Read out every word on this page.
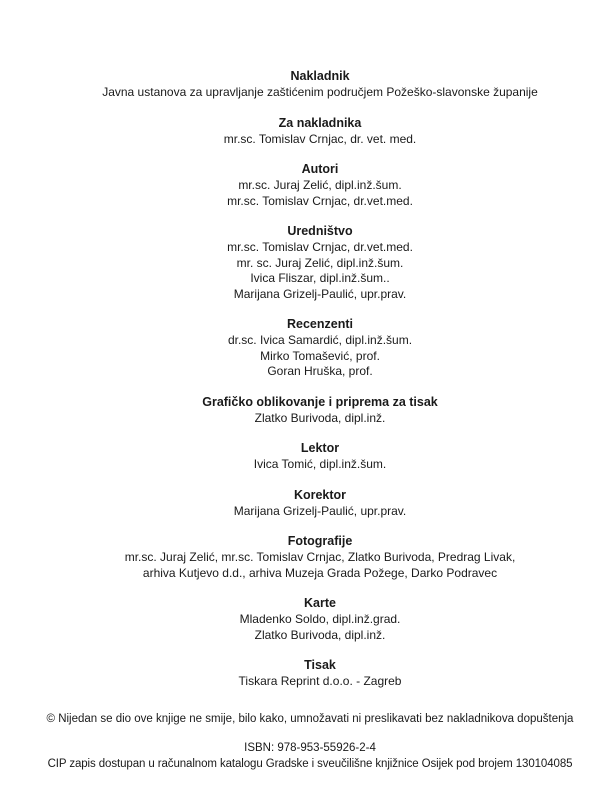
Nakladnik
Javna ustanova za upravljanje zaštićenim područjem Požeško-slavonske županije
Za nakladnika
mr.sc. Tomislav Crnjac, dr. vet. med.
Autori
mr.sc. Juraj Zelić, dipl.inž.šum.
mr.sc. Tomislav Crnjac, dr.vet.med.
Uredništvo
mr.sc. Tomislav Crnjac, dr.vet.med.
mr. sc. Juraj Zelić, dipl.inž.šum.
Ivica Fliszar, dipl.inž.šum..
Marijana Grizelj-Paulić, upr.prav.
Recenzenti
dr.sc. Ivica Samardić, dipl.inž.šum.
Mirko Tomašević, prof.
Goran Hruška, prof.
Grafičko oblikovanje i priprema za tisak
Zlatko Burivoda, dipl.inž.
Lektor
Ivica Tomić, dipl.inž.šum.
Korektor
Marijana Grizelj-Paulić, upr.prav.
Fotografije
mr.sc. Juraj Zelić, mr.sc. Tomislav Crnjac, Zlatko Burivoda, Predrag Livak,
arhiva Kutjevo d.d., arhiva Muzeja Grada Požege, Darko Podravec
Karte
Mladenko Soldo, dipl.inž.grad.
Zlatko Burivoda, dipl.inž.
Tisak
Tiskara Reprint d.o.o. - Zagreb
© Nijedan se dio ove knjige ne smije, bilo kako, umnožavati ni preslikavati bez nakladnikova dopuštenja
ISBN: 978-953-55926-2-4
CIP zapis dostupan u računalnom katalogu Gradske i sveučilišne knjižnice Osijek pod brojem 130104085
